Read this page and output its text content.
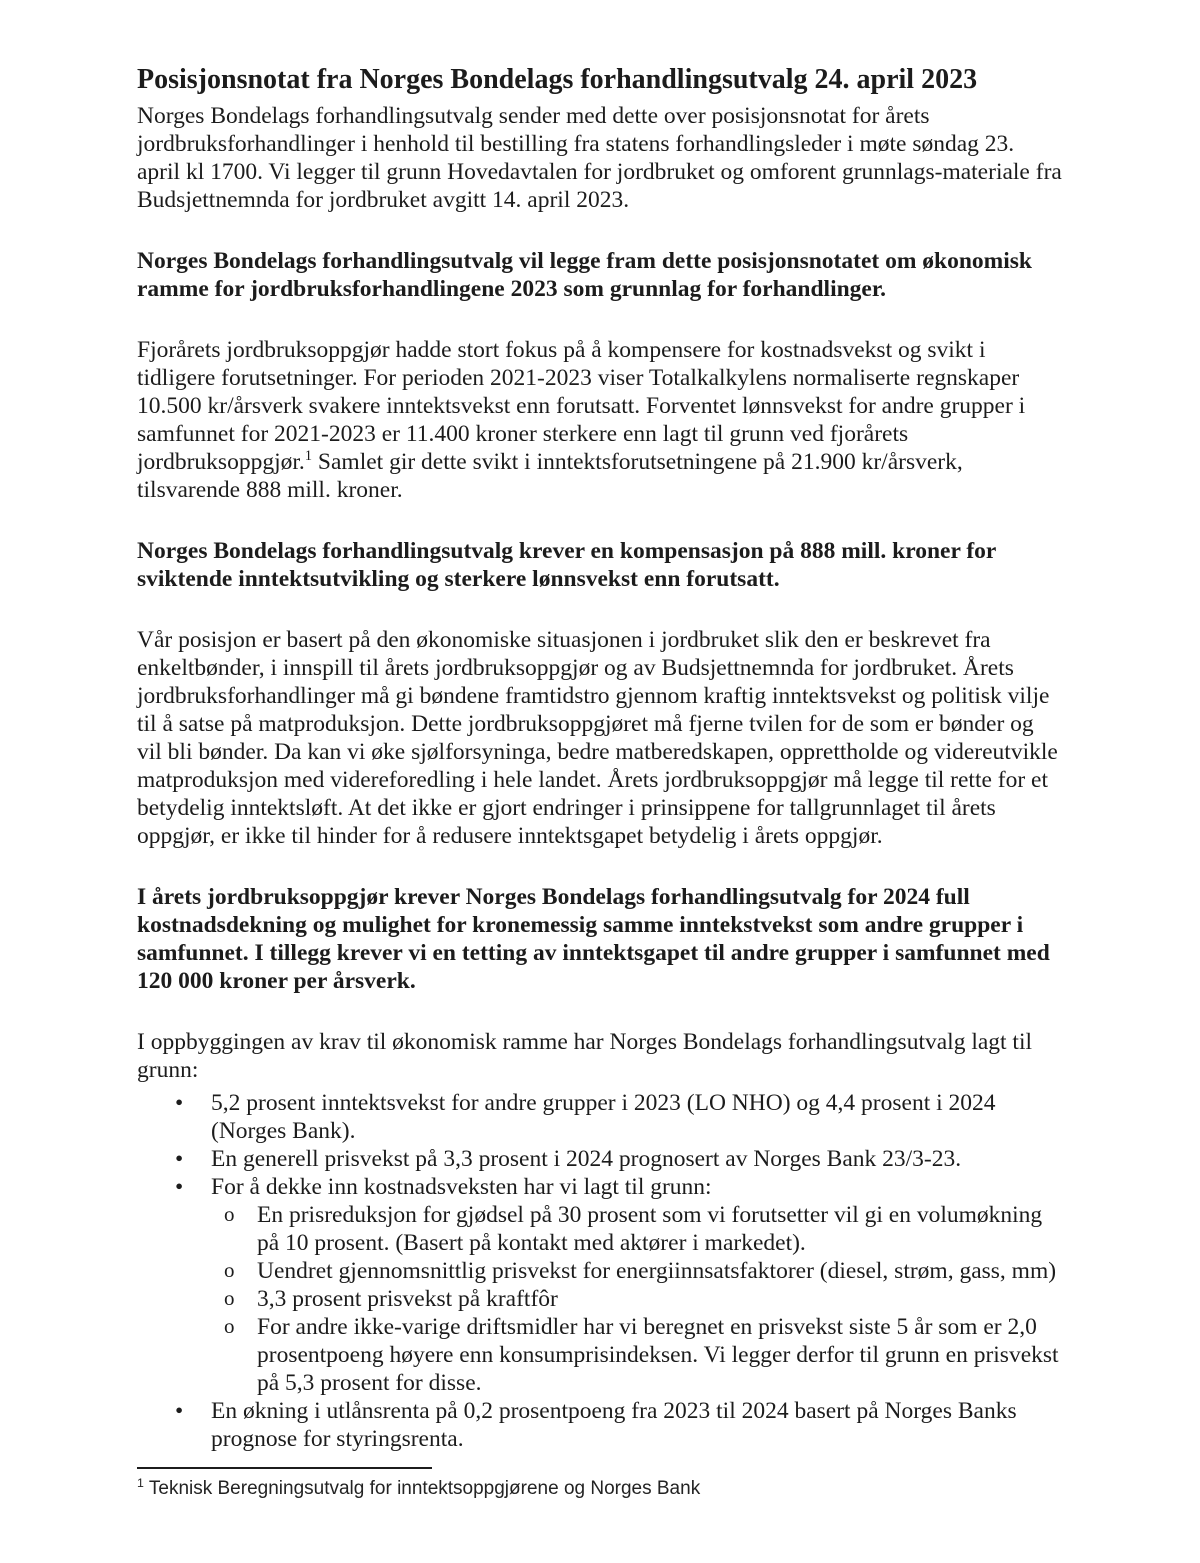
Posisjonsnotat fra Norges Bondelags forhandlingsutvalg 24. april 2023

Norges Bondelags forhandlingsutvalg sender med dette over posisjonsnotat for årets jordbruksforhandlinger i henhold til bestilling fra statens forhandlingsleder i møte søndag 23. april kl 1700. Vi legger til grunn Hovedavtalen for jordbruket og omforent grunnlags-materiale fra Budsjettnemnda for jordbruket avgitt 14. april 2023.

Norges Bondelags forhandlingsutvalg vil legge fram dette posisjonsnotatet om økonomisk ramme for jordbruksforhandlingene 2023 som grunnlag for forhandlinger.

Fjorårets jordbruksoppgjør hadde stort fokus på å kompensere for kostnadsvekst og svikt i tidligere forutsetninger. For perioden 2021-2023 viser Totalkalkylens normaliserte regnskaper 10.500 kr/årsverk svakere inntektsvekst enn forutsatt. Forventet lønnsvekst for andre grupper i samfunnet for 2021-2023 er 11.400 kroner sterkere enn lagt til grunn ved fjorårets jordbruksoppgjør.$^1$ Samlet gir dette svikt i inntektsforutsetningene på 21.900 kr/årsverk, tilsvarende 888 mill. kroner.

Norges Bondelags forhandlingsutvalg krever en kompensasjon på 888 mill. kroner for sviktende inntektsutvikling og sterkere lønnsvekst enn forutsatt.

Vår posisjon er basert på den økonomiske situasjonen i jordbruket slik den er beskrevet fra enkeltbønder, i innspill til årets jordbruksoppgjør og av Budsjettnemnda for jordbruket. Årets jordbruksforhandlinger må gi bøndene framtidstro gjennom kraftig inntektsvekst og politisk vilje til å satse på matproduksjon. Dette jordbruksoppgjøret må fjerne tvilen for de som er bønder og vil bli bønder. Da kan vi øke sjølforsyninga, bedre matberedskapen, opprettholde og videreutvikle matproduksjon med videreforedling i hele landet. Årets jordbruksoppgjør må legge til rette for et betydelig inntektsløft. At det ikke er gjort endringer i prinsippene for tallgrunnlaget til årets oppgjør, er ikke til hinder for å redusere inntektsgapet betydelig i årets oppgjør.

I årets jordbruksoppgjør krever Norges Bondelags forhandlingsutvalg for 2024 full kostnadsdekning og mulighet for kronemessig samme inntekstvekst som andre grupper i samfunnet. I tillegg krever vi en tetting av inntektsgapet til andre grupper i samfunnet med 120 000 kroner per årsverk.

I oppbyggingen av krav til økonomisk ramme har Norges Bondelags forhandlingsutvalg lagt til grunn:

• 5,2 prosent inntektsvekst for andre grupper i 2023 (LO NHO) og 4,4 prosent i 2024 (Norges Bank).
• En generell prisvekst på 3,3 prosent i 2024 prognosert av Norges Bank 23/3-23.
• For å dekke inn kostnadsveksten har vi lagt til grunn:
o En prisreduksjon for gjødsel på 30 prosent som vi forutsetter vil gi en volumøkning på 10 prosent. (Basert på kontakt med aktører i markedet).
o Uendret gjennomsnittlig prisvekst for energiinnsatsfaktorer (diesel, strøm, gass, mm)
o 3,3 prosent prisvekst på kraftfôr
o For andre ikke-varige driftsmidler har vi beregnet en prisvekst siste 5 år som er 2,0 prosentpoeng høyere enn konsumprisindeksen. Vi legger derfor til grunn en prisvekst på 5,3 prosent for disse.
• En økning i utlånsrenta på 0,2 prosentpoeng fra 2023 til 2024 basert på Norges Banks prognose for styringsrenta.

$^1$ Teknisk Beregningsutvalg for inntektsoppgjørene og Norges Bank
